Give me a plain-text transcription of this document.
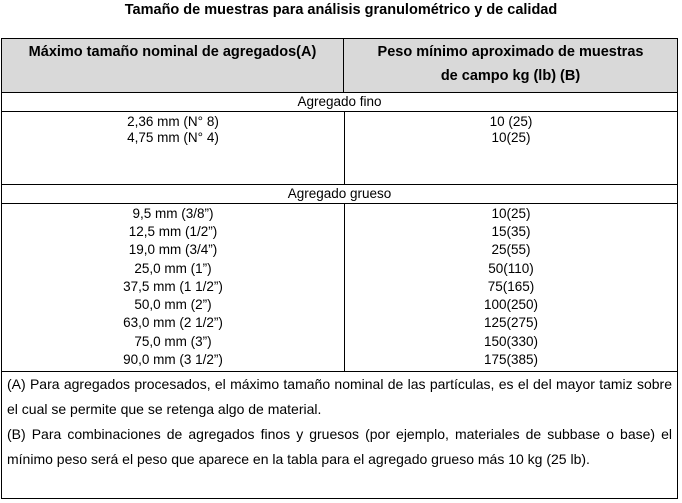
Tamaño de muestras para análisis granulométrico y de calidad
Máximo tamaño nominal de agregados(A)	Peso mínimo aproximado de muestras
de campo kg (lb) (B)
Agregado fino
2,36 mm (N° 8)	10 (25)
4,75 mm (N° 4)	10(25)
Agregado grueso
9,5 mm (3/8”)	10(25)
12,5 mm (1/2”)	15(35)
19,0 mm (3/4”)	25(55)
25,0 mm (1”)	50(110)
37,5 mm (1 1/2”)	75(165)
50,0 mm (2”)	100(250)
63,0 mm (2 1/2”)	125(275)
75,0 mm (3”)	150(330)
90,0 mm (3 1/2”)	175(385)

(A) Para agregados procesados, el máximo tamaño nominal de las partículas, es el del mayor tamiz sobre el cual se permite que se retenga algo de material.

(B) Para combinaciones de agregados finos y gruesos (por ejemplo, materiales de subbase o base) el mínimo peso será el peso que aparece en la tabla para el agregado grueso más 10 kg (25 lb).
